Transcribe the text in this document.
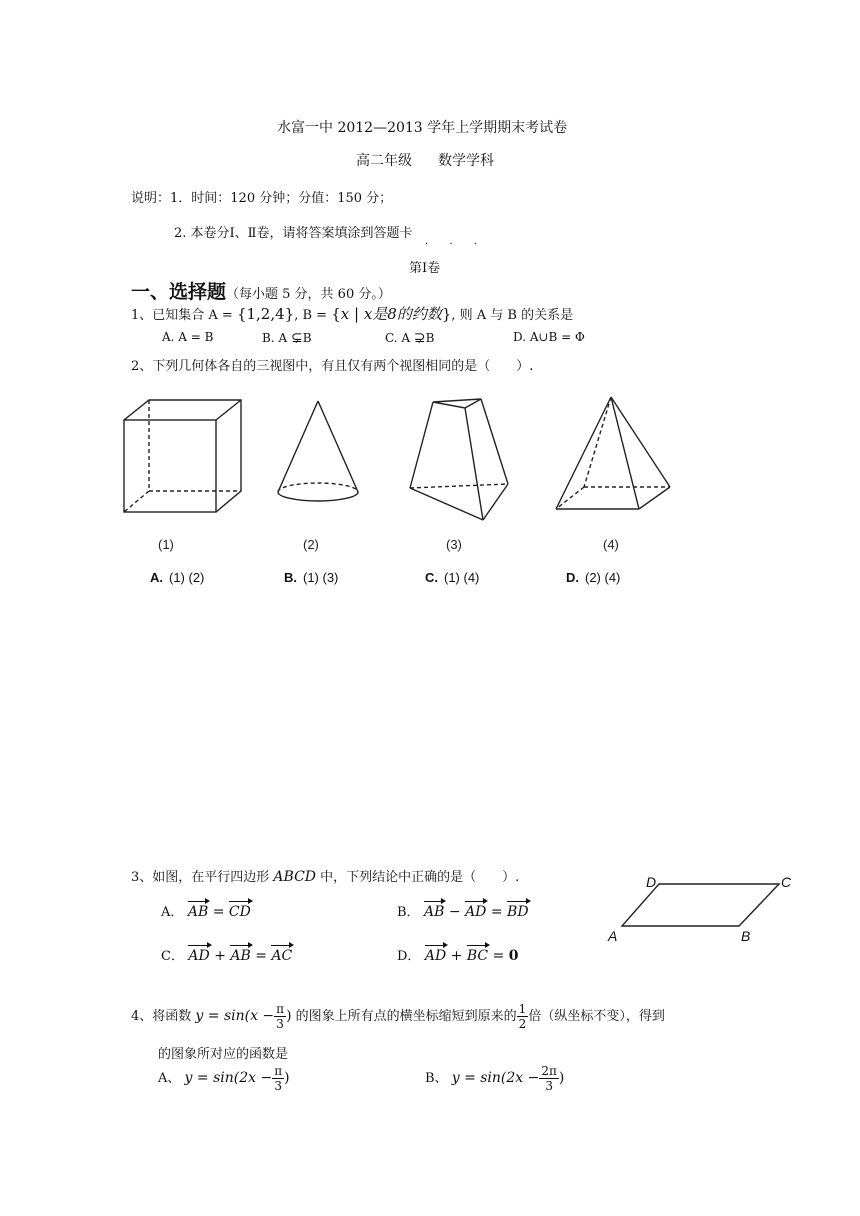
水富一中 2012—2013 学年上学期期末考试卷
高二年级 数学学科
说明：1．时间：120 分钟；分值：150 分；
2. 本卷分Ⅰ、Ⅱ卷，请将答案填涂到答题卡
· · ·
第Ⅰ卷
一、选择题（每小题 5 分，共 60 分。）
1、已知集合 A = {1,2,4}, B = {x | x是8的约数}, 则 A 与 B 的关系是
A. A = B	B. A ⊊B	C. A ⊋B	D. A∪B = Φ
2、下列几何体各自的三视图中，有且仅有两个视图相同的是（　　）.
(1)	(2)	(3)	(4)
A. (1) (2)	B. (1) (3)	C. (1) (4)	D. (2) (4)
3、如图，在平行四边形 ABCD 中，下列结论中正确的是（　　）.
A． AB = CD	B． AB − AD = BD
C． AD + AB = AC	D． AD + BC = 0
A	B
C
D
4、将函数 $y = \sin(x - \frac{\pi}{3}$ ) 的图象上所有点的横坐标缩短到原来的 $\frac{1}{2}$ 倍（纵坐标不变），得到
的图象所对应的函数是
A、 $y = \sin(2x - \frac{\pi}{3}$ )	B、 $y = \sin(2x - \frac{2\pi}{3}$ )
